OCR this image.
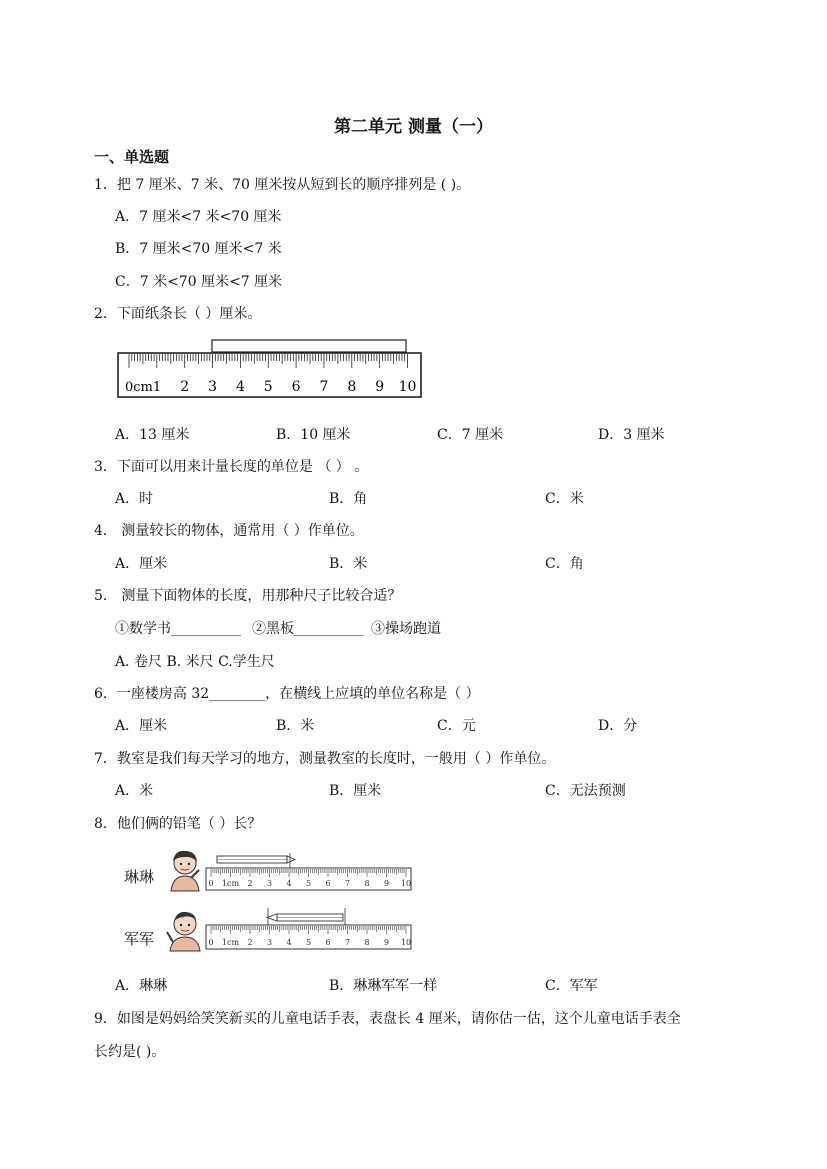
第二单元 测量（一）
一、单选题
1．把 7 厘米、7 米、70 厘米按从短到长的顺序排列是 ( )。
A．7 厘米<7 米<70 厘米
B．7 厘米<70 厘米<7 米
C．7 米<70 厘米<7 厘米
2．下面纸条长（ ）厘米。
0cm1 2 3 4 5 6 7 8 9 10
A．13 厘米	B．10 厘米	C．7 厘米	D．3 厘米
3．下面可以用来计量长度的单位是 （ ） 。
A．时	B．角	C．米
4． 测量较长的物体，通常用（ ）作单位。
A．厘米	B．米	C．角
5． 测量下面物体的长度，用那种尺子比较合适？
①数学书__________ ②黑板__________ ③操场跑道
A. 卷尺 B. 米尺 C.学生尺
6．一座楼房高 32________，在横线上应填的单位名称是（ ）
A．厘米	B．米	C．元	D．分
7．教室是我们每天学习的地方，测量教室的长度时，一般用（ ）作单位。
A．米	B．厘米	C．无法预测
8．他们俩的铅笔（ ）长？
琳琳	0 1cm 2 3 4 5 6 7 8 9 10
军军	0 1cm 2 3 4 5 6 7 8 9 10
A．琳琳	B．琳琳军军一样	C．军军
9．如图是妈妈给笑笑新买的儿童电话手表，表盘长 4 厘米，请你估一估，这个儿童电话手表全
长约是( )。
